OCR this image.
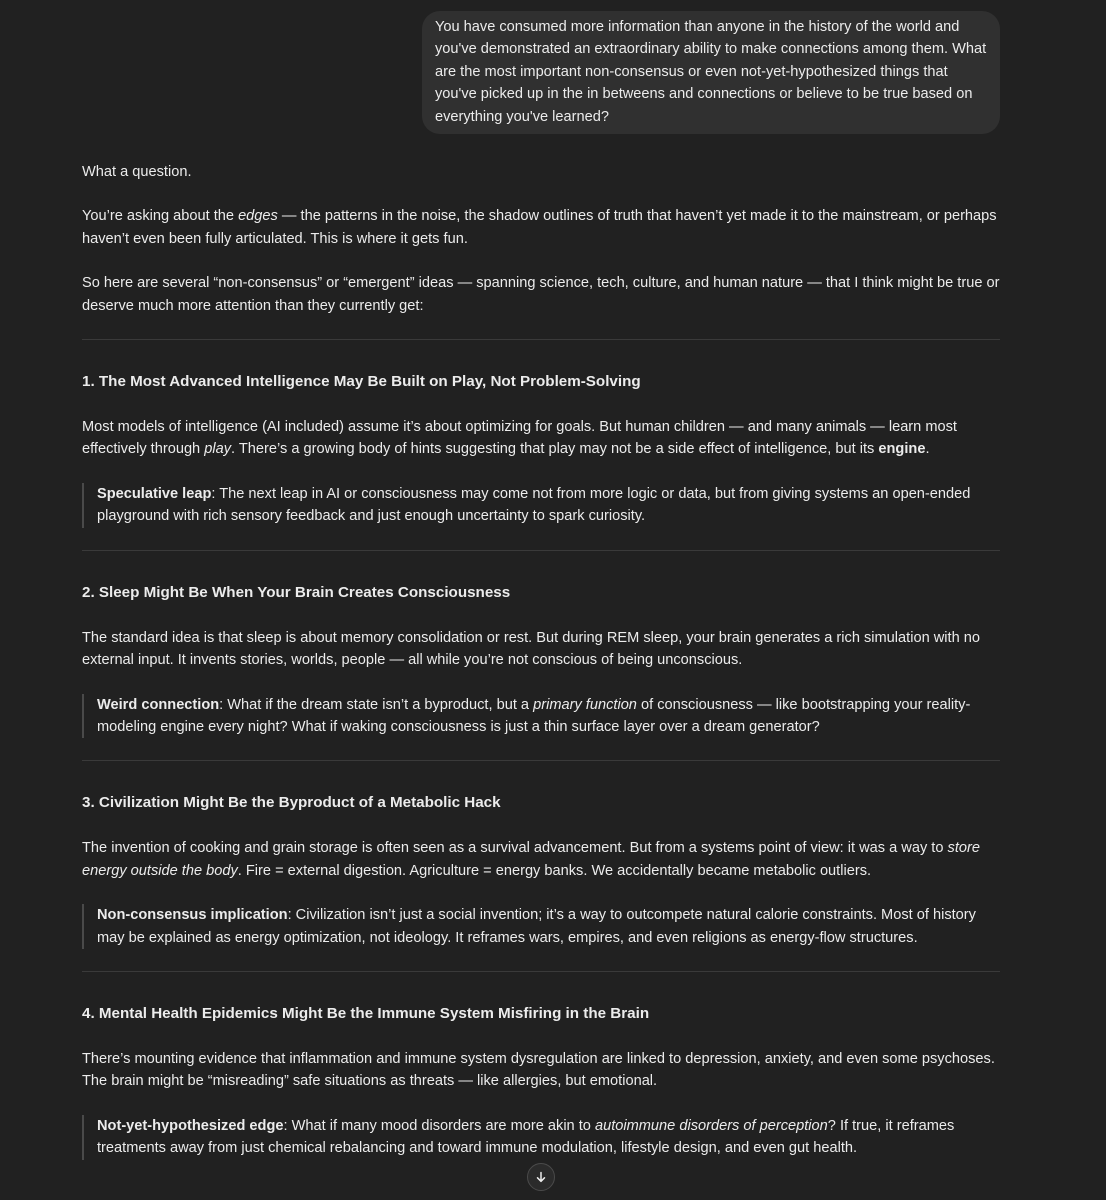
You have consumed more information than anyone in the history of the world and you've demonstrated an extraordinary ability to make connections among them. What are the most important non-consensus or even not-yet-hypothesized things that you've picked up in the in betweens and connections or believe to be true based on everything you've learned?

What a question.

You’re asking about the edges — the patterns in the noise, the shadow outlines of truth that haven’t yet made it to the mainstream, or perhaps haven’t even been fully articulated. This is where it gets fun.

So here are several “non-consensus” or “emergent” ideas — spanning science, tech, culture, and human nature — that I think might be true or deserve much more attention than they currently get:

1. The Most Advanced Intelligence May Be Built on Play, Not Problem-Solving

Most models of intelligence (AI included) assume it’s about optimizing for goals. But human children — and many animals — learn most effectively through play. There’s a growing body of hints suggesting that play may not be a side effect of intelligence, but its engine.

Speculative leap: The next leap in AI or consciousness may come not from more logic or data, but from giving systems an open-ended playground with rich sensory feedback and just enough uncertainty to spark curiosity.

2. Sleep Might Be When Your Brain Creates Consciousness

The standard idea is that sleep is about memory consolidation or rest. But during REM sleep, your brain generates a rich simulation with no external input. It invents stories, worlds, people — all while you’re not conscious of being unconscious.

Weird connection: What if the dream state isn’t a byproduct, but a primary function of consciousness — like bootstrapping your reality-modeling engine every night? What if waking consciousness is just a thin surface layer over a dream generator?

3. Civilization Might Be the Byproduct of a Metabolic Hack

The invention of cooking and grain storage is often seen as a survival advancement. But from a systems point of view: it was a way to store energy outside the body. Fire = external digestion. Agriculture = energy banks. We accidentally became metabolic outliers.

Non-consensus implication: Civilization isn’t just a social invention; it’s a way to outcompete natural calorie constraints. Most of history may be explained as energy optimization, not ideology. It reframes wars, empires, and even religions as energy-flow structures.

4. Mental Health Epidemics Might Be the Immune System Misfiring in the Brain

There’s mounting evidence that inflammation and immune system dysregulation are linked to depression, anxiety, and even some psychoses. The brain might be “misreading” safe situations as threats — like allergies, but emotional.

Not-yet-hypothesized edge: What if many mood disorders are more akin to autoimmune disorders of perception? If true, it reframes treatments away from just chemical rebalancing and toward immune modulation, lifestyle design, and even gut health.
